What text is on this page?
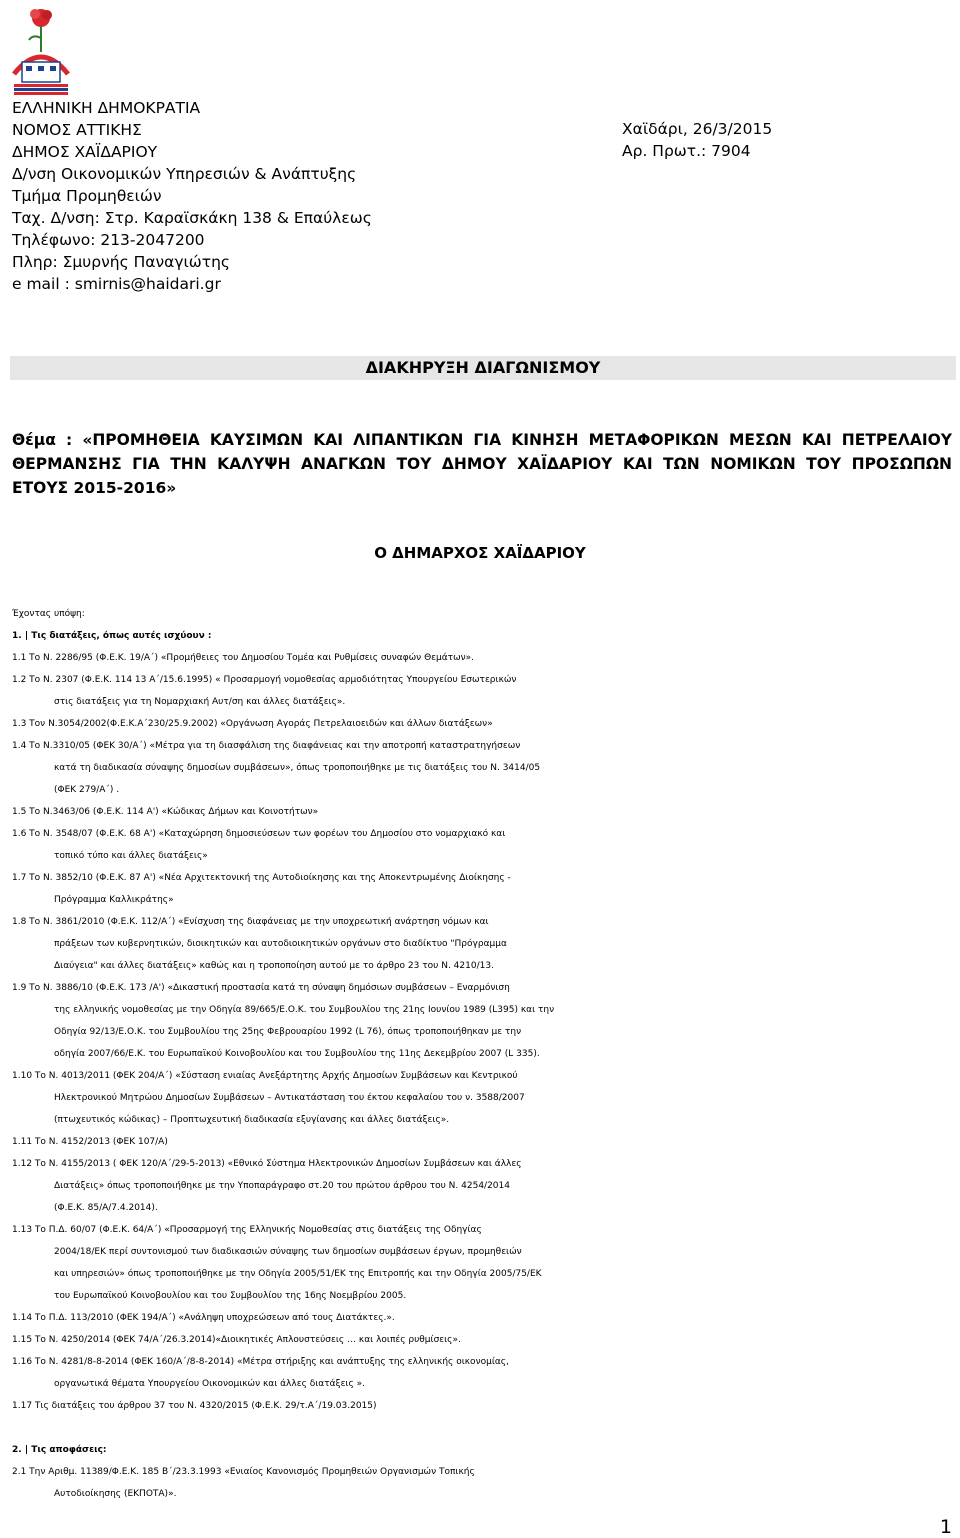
ΕΛΛΗΝΙΚΗ ΔΗΜΟΚΡΑΤΙΑ
ΝΟΜΟΣ ΑΤΤΙΚΗΣ
ΔΗΜΟΣ ΧΑΪΔΑΡΙΟΥ
Δ/νση Οικονομικών Υπηρεσιών & Ανάπτυξης
Τμήμα Προμηθειών
Ταχ. Δ/νση: Στρ. Καραϊσκάκη 138 & Επαύλεως
Τηλέφωνο: 213-2047200
Πληρ: Σμυρνής Παναγιώτης
e mail : smirnis@haidari.gr
Χαϊδάρι, 26/3/2015
Αρ. Πρωτ.: 7904
ΔΙΑΚΗΡΥΞΗ ΔΙΑΓΩΝΙΣΜΟΥ
Θέμα : «ΠΡΟΜΗΘΕΙΑ ΚΑΥΣΙΜΩΝ ΚΑΙ ΛΙΠΑΝΤΙΚΩΝ ΓΙΑ ΚΙΝΗΣΗ ΜΕΤΑΦΟΡΙΚΩΝ ΜΕΣΩΝ ΚΑΙ ΠΕΤΡΕΛΑΙΟΥ ΘΕΡΜΑΝΣΗΣ ΓΙΑ ΤΗΝ ΚΑΛΥΨΗ ΑΝΑΓΚΩΝ ΤΟΥ ΔΗΜΟΥ ΧΑΪΔΑΡΙΟΥ ΚΑΙ ΤΩΝ ΝΟΜΙΚΩΝ ΤΟΥ ΠΡΟΣΩΠΩΝ ΕΤΟΥΣ 2015-2016»
Ο ΔΗΜΑΡΧΟΣ ΧΑΪΔΑΡΙΟΥ
Έχοντας υπόψη:
1. | Τις διατάξεις, όπως αυτές ισχύουν :
1.1 Το Ν. 2286/95 (Φ.Ε.Κ. 19/Α΄) «Προμήθειες του Δημοσίου Τομέα και Ρυθμίσεις συναφών Θεμάτων».
1.2 Το Ν. 2307 (Φ.Ε.Κ. 114 13 Α΄/15.6.1995) « Προσαρμογή νομοθεσίας αρμοδιότητας Υπουργείου Εσωτερικών
στις διατάξεις για τη Νομαρχιακή Αυτ/ση και άλλες διατάξεις».
1.3 Τον Ν.3054/2002(Φ.Ε.Κ.Α΄230/25.9.2002) «Οργάνωση Αγοράς Πετρελαιοειδών και άλλων διατάξεων»
1.4 Το Ν.3310/05 (ΦΕΚ 30/Α΄) «Μέτρα για τη διασφάλιση της διαφάνειας και την αποτροπή καταστρατηγήσεων
κατά τη διαδικασία σύναψης δημοσίων συμβάσεων», όπως τροποποιήθηκε με τις διατάξεις του Ν. 3414/05
(ΦΕΚ 279/Α΄) .
1.5 Το Ν.3463/06 (Φ.Ε.Κ. 114 Α') «Κώδικας Δήμων και Κοινοτήτων»
1.6 Το Ν. 3548/07 (Φ.Ε.Κ. 68 Α') «Καταχώρηση δημοσιεύσεων των φορέων του Δημοσίου στο νομαρχιακό και
τοπικό τύπο και άλλες διατάξεις»
1.7 Το Ν. 3852/10 (Φ.Ε.Κ. 87 Α') «Νέα Αρχιτεκτονική της Αυτοδιοίκησης και της Αποκεντρωμένης Διοίκησης -
Πρόγραμμα Καλλικράτης»
1.8 Το Ν. 3861/2010 (Φ.Ε.Κ. 112/Α΄) «Ενίσχυση της διαφάνειας με την υποχρεωτική ανάρτηση νόμων και
πράξεων των κυβερνητικών, διοικητικών και αυτοδιοικητικών οργάνων στο διαδίκτυο "Πρόγραμμα
Διαύγεια" και άλλες διατάξεις» καθώς και η τροποποίηση αυτού με το άρθρο 23 του Ν. 4210/13.
1.9 Το Ν. 3886/10 (Φ.Ε.Κ. 173 /Α') «Δικαστική προστασία κατά τη σύναψη δημόσιων συμβάσεων – Εναρμόνιση
της ελληνικής νομοθεσίας με την Οδηγία 89/665/Ε.Ο.Κ. του Συμβουλίου της 21ης Ιουνίου 1989 (L395) και την
Οδηγία 92/13/Ε.Ο.Κ. του Συμβουλίου της 25ης Φεβρουαρίου 1992 (L 76), όπως τροποποιήθηκαν με την
οδηγία 2007/66/Ε.Κ. του Ευρωπαϊκού Κοινοβουλίου και του Συμβουλίου της 11ης Δεκεμβρίου 2007 (L 335).
1.10 Το Ν. 4013/2011 (ΦΕΚ 204/Α΄) «Σύσταση ενιαίας Ανεξάρτητης Αρχής Δημοσίων Συμβάσεων και Κεντρικού
Ηλεκτρονικού Μητρώου Δημοσίων Συμβάσεων – Αντικατάσταση του έκτου κεφαλαίου του ν. 3588/2007
(πτωχευτικός κώδικας) – Προπτωχευτική διαδικασία εξυγίανσης και άλλες διατάξεις».
1.11 Το Ν. 4152/2013 (ΦΕΚ 107/Α)
1.12 Το Ν. 4155/2013 ( ΦΕΚ 120/Α΄/29-5-2013) «Εθνικό Σύστημα Ηλεκτρονικών Δημοσίων Συμβάσεων και άλλες
Διατάξεις» όπως τροποποιήθηκε με την Υποπαράγραφο στ.20 του πρώτου άρθρου του Ν. 4254/2014
(Φ.Ε.Κ. 85/Α/7.4.2014).
1.13 Το Π.Δ. 60/07 (Φ.Ε.Κ. 64/Α΄) «Προσαρμογή της Ελληνικής Νομοθεσίας στις διατάξεις της Οδηγίας
2004/18/ΕΚ περί συντονισμού των διαδικασιών σύναψης των δημοσίων συμβάσεων έργων, προμηθειών
και υπηρεσιών» όπως τροποποιήθηκε με την Οδηγία 2005/51/ΕΚ της Επιτροπής και την Οδηγία 2005/75/ΕΚ
του Ευρωπαϊκού Κοινοβουλίου και του Συμβουλίου της 16ης Νοεμβρίου 2005.
1.14 Το Π.Δ. 113/2010 (ΦΕΚ 194/Α΄) «Ανάληψη υποχρεώσεων από τους Διατάκτες.».
1.15 Το Ν. 4250/2014 (ΦΕΚ 74/Α΄/26.3.2014)«Διοικητικές Απλουστεύσεις … και λοιπές ρυθμίσεις».
1.16 Το Ν. 4281/8-8-2014 (ΦΕΚ 160/Α΄/8-8-2014) «Μέτρα στήριξης και ανάπτυξης της ελληνικής οικονομίας,
οργανωτικά θέματα Υπουργείου Οικονομικών και άλλες διατάξεις ».
1.17 Τις διατάξεις του άρθρου 37 του Ν. 4320/2015 (Φ.Ε.Κ. 29/τ.Α΄/19.03.2015)
2. | Τις αποφάσεις:
2.1 Την Αριθμ. 11389/Φ.Ε.Κ. 185 Β΄/23.3.1993 «Ενιαίος Κανονισμός Προμηθειών Οργανισμών Τοπικής
Αυτοδιοίκησης (ΕΚΠΟΤΑ)».
1
